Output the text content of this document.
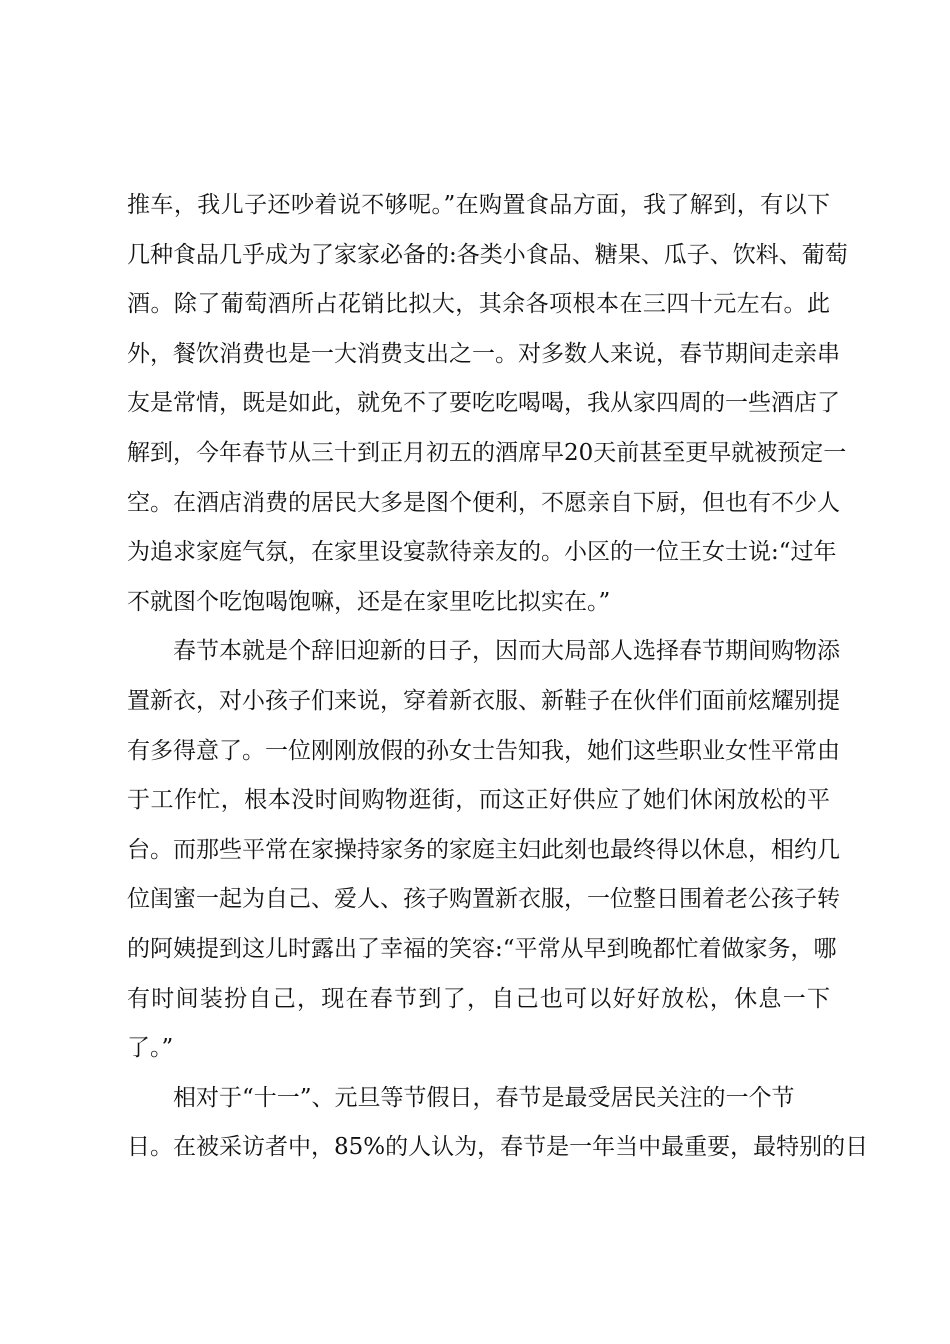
推车，我儿子还吵着说不够呢。”在购置食品方面，我了解到，有以下
几种食品几乎成为了家家必备的:各类小食品、糖果、瓜子、饮料、葡萄
酒。除了葡萄酒所占花销比拟大，其余各项根本在三四十元左右。此
外，餐饮消费也是一大消费支出之一。对多数人来说，春节期间走亲串
友是常情，既是如此，就免不了要吃吃喝喝，我从家四周的一些酒店了
解到，今年春节从三十到正月初五的酒席早20天前甚至更早就被预定一
空。在酒店消费的居民大多是图个便利，不愿亲自下厨，但也有不少人
为追求家庭气氛，在家里设宴款待亲友的。小区的一位王女士说:“过年
不就图个吃饱喝饱嘛，还是在家里吃比拟实在。”
春节本就是个辞旧迎新的日子，因而大局部人选择春节期间购物添
置新衣，对小孩子们来说，穿着新衣服、新鞋子在伙伴们面前炫耀别提
有多得意了。一位刚刚放假的孙女士告知我，她们这些职业女性平常由
于工作忙，根本没时间购物逛街，而这正好供应了她们休闲放松的平
台。而那些平常在家操持家务的家庭主妇此刻也最终得以休息，相约几
位闺蜜一起为自己、爱人、孩子购置新衣服，一位整日围着老公孩子转
的阿姨提到这儿时露出了幸福的笑容:“平常从早到晚都忙着做家务，哪
有时间装扮自己，现在春节到了，自己也可以好好放松，休息一下
了。”
相对于“十一”、元旦等节假日，春节是最受居民关注的一个节
日。在被采访者中，85%的人认为，春节是一年当中最重要，最特别的日
